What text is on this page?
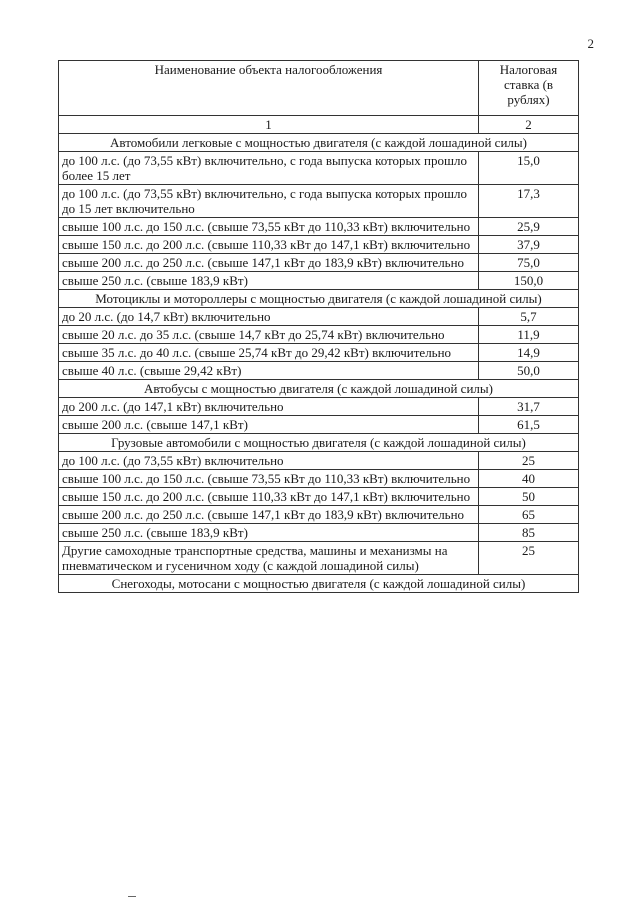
2
Наименование объекта налогообложения	Налоговая ставка (в рублях)
1	2
Автомобили легковые с мощностью двигателя (с каждой лошадиной силы)	
до 100 л.с. (до 73,55 кВт) включительно, с года выпуска которых прошло более 15 лет	15,0
до 100 л.с. (до 73,55 кВт) включительно, с года выпуска которых прошло до 15 лет включительно	17,3
свыше 100 л.с. до 150 л.с. (свыше 73,55 кВт до 110,33 кВт) включительно	25,9
свыше 150 л.с. до 200 л.с. (свыше 110,33 кВт до 147,1 кВт) включительно	37,9
свыше 200 л.с. до 250 л.с. (свыше 147,1 кВт до 183,9 кВт) включительно	75,0
свыше 250 л.с. (свыше 183,9 кВт)	150,0
Мотоциклы и мотороллеры с мощностью двигателя (с каждой лошадиной силы)	
до 20 л.с. (до 14,7 кВт) включительно	5,7
свыше 20 л.с. до 35 л.с. (свыше 14,7 кВт до 25,74 кВт) включительно	11,9
свыше 35 л.с. до 40 л.с. (свыше 25,74 кВт до 29,42 кВт) включительно	14,9
свыше 40 л.с. (свыше 29,42 кВт)	50,0
Автобусы с мощностью двигателя (с каждой лошадиной силы)	
до 200 л.с. (до 147,1 кВт) включительно	31,7
свыше 200 л.с. (свыше 147,1 кВт)	61,5
Грузовые автомобили с мощностью двигателя (с каждой лошадиной силы)	
до 100 л.с. (до 73,55 кВт) включительно	25
свыше 100 л.с. до 150 л.с. (свыше 73,55 кВт до 110,33 кВт) включительно	40
свыше 150 л.с. до 200 л.с. (свыше 110,33 кВт до 147,1 кВт) включительно	50
свыше 200 л.с. до 250 л.с. (свыше 147,1 кВт до 183,9 кВт) включительно	65
свыше 250 л.с. (свыше 183,9 кВт)	85
Другие самоходные транспортные средства, машины и механизмы на пневматическом и гусеничном ходу (с каждой лошадиной силы)	25
Снегоходы, мотосани с мощностью двигателя (с каждой лошадиной силы)	
